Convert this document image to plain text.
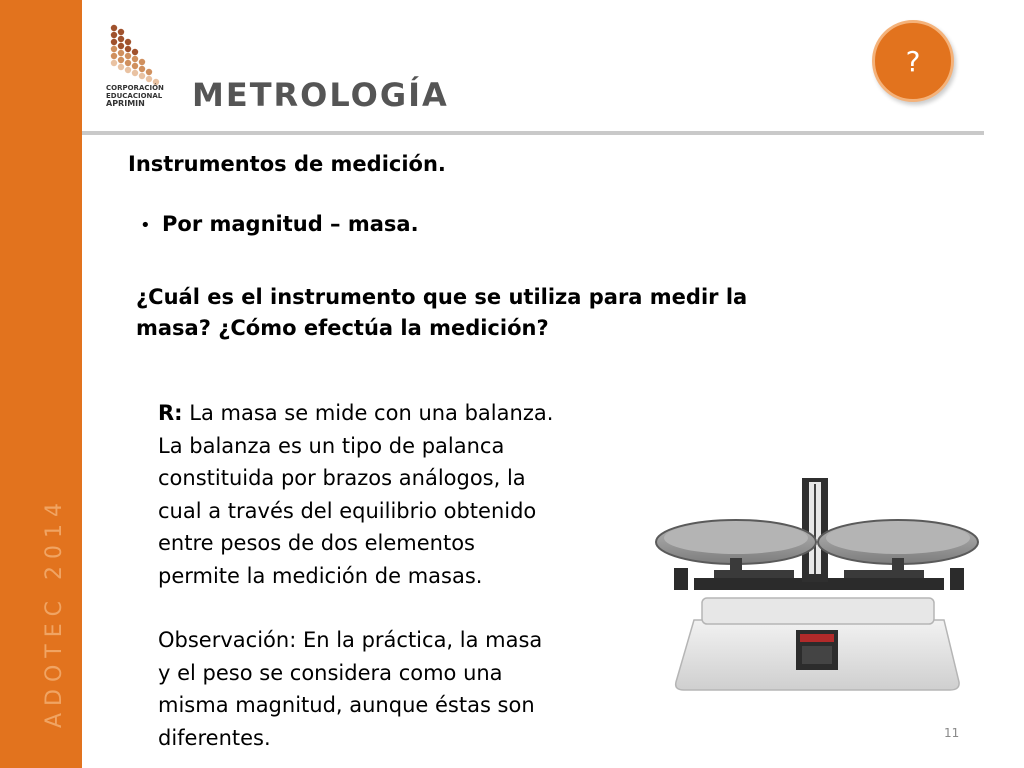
ADOTEC 2014
CORPORACIÓN
EDUCACIONAL
APRIMIN	METROLOGÍA
?
Instrumentos de medición.
• Por magnitud – masa.
¿Cuál es el instrumento que se utiliza para medir la
masa? ¿Cómo efectúa la medición?

R: La masa se mide con una balanza.

La balanza es un tipo de palanca

constituida por brazos análogos, la

cual a través del equilibrio obtenido

entre pesos de dos elementos

permite la medición de masas.

Observación: En la práctica, la masa

y el peso se considera como una

misma magnitud, aunque éstas son

diferentes.	11
